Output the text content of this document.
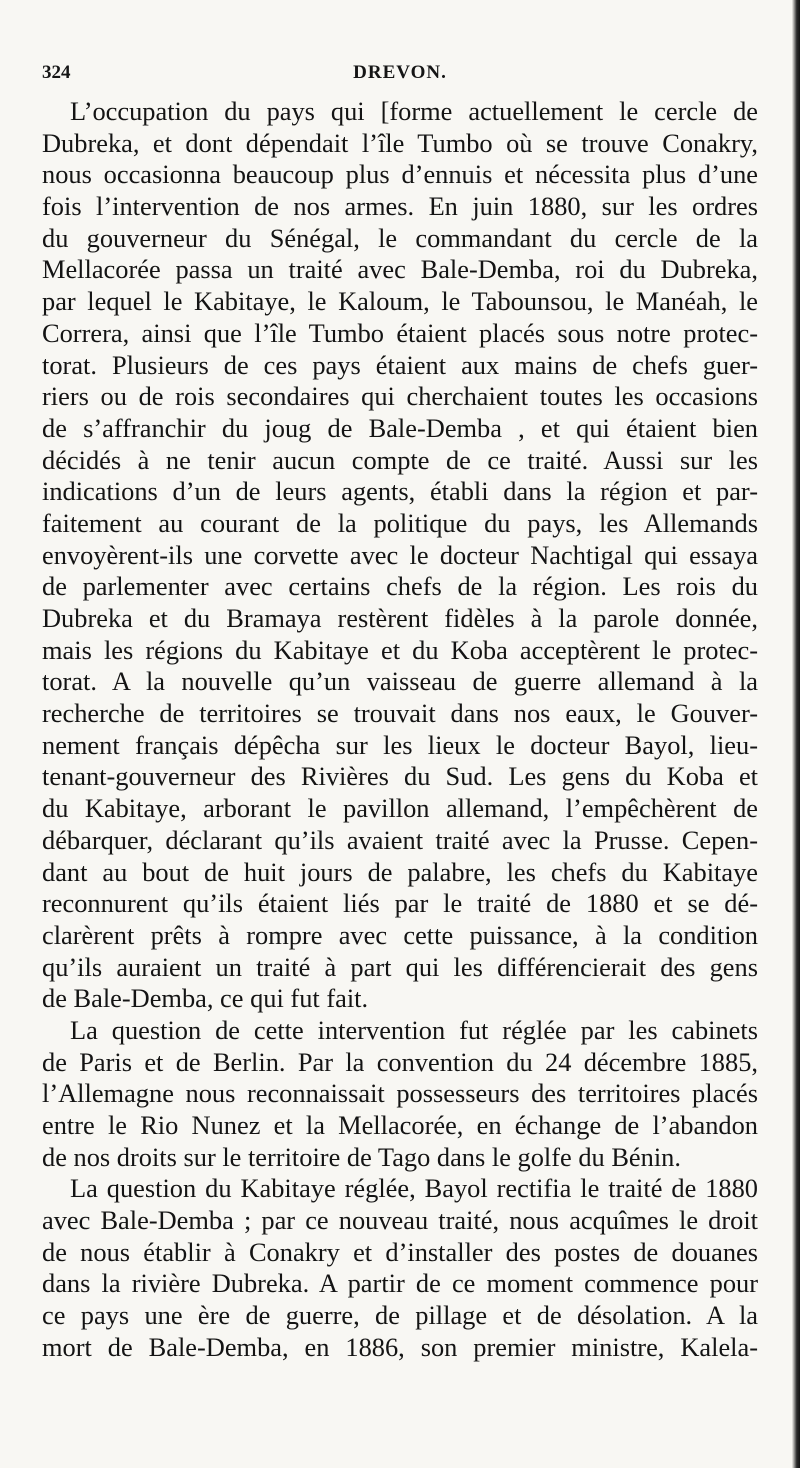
324	DREVON.
L’occupation du pays qui [forme actuellement le cercle de
Dubreka, et dont dépendait l’île Tumbo où se trouve Conakry,
nous occasionna beaucoup plus d’ennuis et nécessita plus d’une
fois l’intervention de nos armes. En juin 1880, sur les ordres
du gouverneur du Sénégal, le commandant du cercle de la
Mellacorée passa un traité avec Bale-Demba, roi du Dubreka,
par lequel le Kabitaye, le Kaloum, le Tabounsou, le Manéah, le
Correra, ainsi que l’île Tumbo étaient placés sous notre protec-
torat. Plusieurs de ces pays étaient aux mains de chefs guer-
riers ou de rois secondaires qui cherchaient toutes les occasions
de s’affranchir du joug de Bale-Demba , et qui étaient bien
décidés à ne tenir aucun compte de ce traité. Aussi sur les
indications d’un de leurs agents, établi dans la région et par-
faitement au courant de la politique du pays, les Allemands
envoyèrent-ils une corvette avec le docteur Nachtigal qui essaya
de parlementer avec certains chefs de la région. Les rois du
Dubreka et du Bramaya restèrent fidèles à la parole donnée,
mais les régions du Kabitaye et du Koba acceptèrent le protec-
torat. A la nouvelle qu’un vaisseau de guerre allemand à la
recherche de territoires se trouvait dans nos eaux, le Gouver-
nement français dépêcha sur les lieux le docteur Bayol, lieu-
tenant-gouverneur des Rivières du Sud. Les gens du Koba et
du Kabitaye, arborant le pavillon allemand, l’empêchèrent de
débarquer, déclarant qu’ils avaient traité avec la Prusse. Cepen-
dant au bout de huit jours de palabre, les chefs du Kabitaye
reconnurent qu’ils étaient liés par le traité de 1880 et se dé-
clarèrent prêts à rompre avec cette puissance, à la condition
qu’ils auraient un traité à part qui les différencierait des gens
de Bale-Demba, ce qui fut fait.
La question de cette intervention fut réglée par les cabinets
de Paris et de Berlin. Par la convention du 24 décembre 1885,
l’Allemagne nous reconnaissait possesseurs des territoires placés
entre le Rio Nunez et la Mellacorée, en échange de l’abandon
de nos droits sur le territoire de Tago dans le golfe du Bénin.
La question du Kabitaye réglée, Bayol rectifia le traité de 1880
avec Bale-Demba ; par ce nouveau traité, nous acquîmes le droit
de nous établir à Conakry et d’installer des postes de douanes
dans la rivière Dubreka. A partir de ce moment commence pour
ce pays une ère de guerre, de pillage et de désolation. A la
mort de Bale-Demba, en 1886, son premier ministre, Kalela-
